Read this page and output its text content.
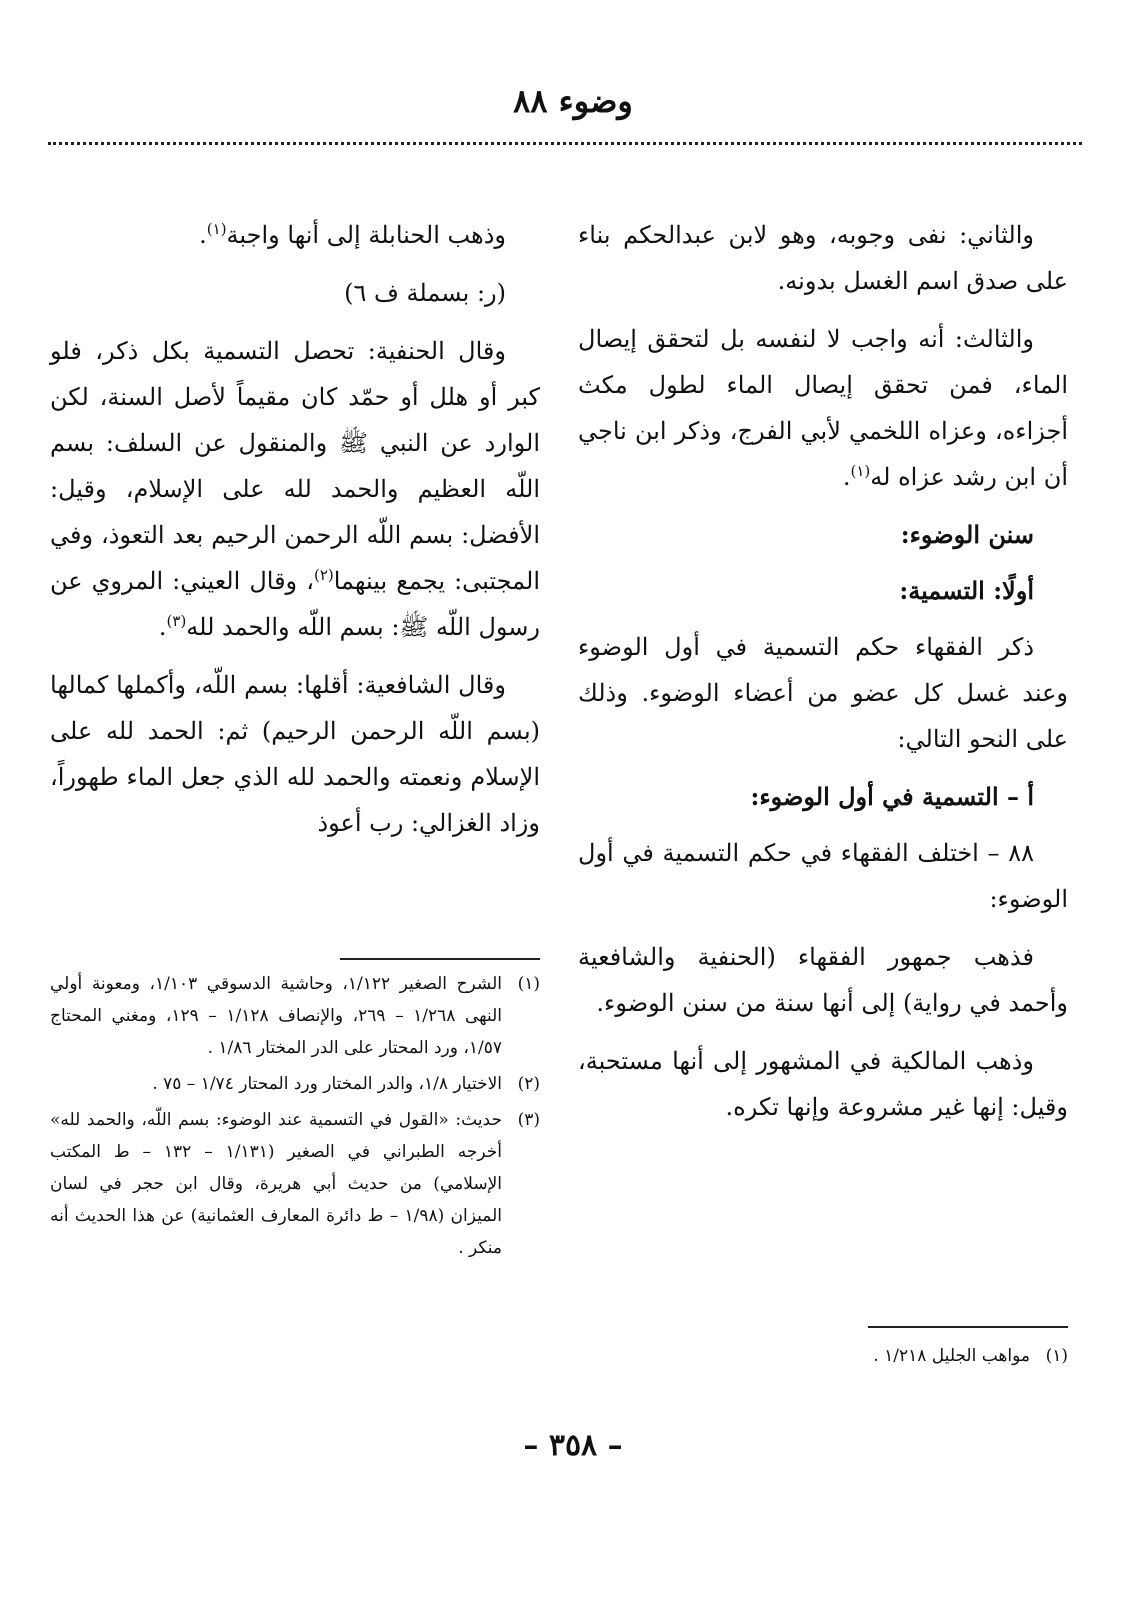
وضوء ٨٨

والثاني: نفى وجوبه، وهو لابن عبدالحكم بناء على صدق اسم الغسل بدونه.

والثالث: أنه واجب لا لنفسه بل لتحقق إيصال الماء، فمن تحقق إيصال الماء لطول مكث أجزاءه، وعزاه اللخمي لأبي الفرج، وذكر ابن ناجي أن ابن رشد عزاه له$^{(١)}$.

سنن الوضوء:

أولًا: التسمية:

ذكر الفقهاء حكم التسمية في أول الوضوء وعند غسل كل عضو من أعضاء الوضوء. وذلك على النحو التالي:

أ – التسمية في أول الوضوء:

٨٨ – اختلف الفقهاء في حكم التسمية في أول الوضوء:

فذهب جمهور الفقهاء (الحنفية والشافعية وأحمد في رواية) إلى أنها سنة من سنن الوضوء.

وذهب المالكية في المشهور إلى أنها مستحبة، وقيل: إنها غير مشروعة وإنها تكره.

(١)
مواهب الجليل ١/٢١٨ .

وذهب الحنابلة إلى أنها واجبة$^{(١)}$.

(ر: بسملة ف ٦)

وقال الحنفية: تحصل التسمية بكل ذكر، فلو كبر أو هلل أو حمّد كان مقيماً لأصل السنة، لكن الوارد عن النبي ﷺ والمنقول عن السلف: بسم اللّه العظيم والحمد لله على الإسلام، وقيل: الأفضل: بسم اللّه الرحمن الرحيم بعد التعوذ، وفي المجتبى: يجمع بينهما$^{(٢)}$، وقال العيني: المروي عن رسول اللّه ﷺ: بسم اللّه والحمد لله$^{(٣)}$.

وقال الشافعية: أقلها: بسم اللّه، وأكملها كمالها (بسم اللّه الرحمن الرحيم) ثم: الحمد لله على الإسلام ونعمته والحمد لله الذي جعل الماء طهوراً، وزاد الغزالي: رب أعوذ

(١)
الشرح الصغير ١/١٢٢، وحاشية الدسوقي ١/١٠٣، ومعونة أولي النهى ١/٢٦٨ – ٢٦٩، والإنصاف ١/١٢٨ – ١٢٩، ومغني المحتاج ١/٥٧، ورد المحتار على الدر المختار ١/٨٦ .
(٢)
الاختيار ١/٨، والدر المختار ورد المحتار ١/٧٤ – ٧٥ .
(٣)
حديث: «القول في التسمية عند الوضوء: بسم اللّه، والحمد لله» أخرجه الطبراني في الصغير (١/١٣١ – ١٣٢ – ط المكتب الإسلامي) من حديث أبي هريرة، وقال ابن حجر في لسان الميزان (١/٩٨ – ط دائرة المعارف العثمانية) عن هذا الحديث أنه منكر .
– ٣٥٨ –
